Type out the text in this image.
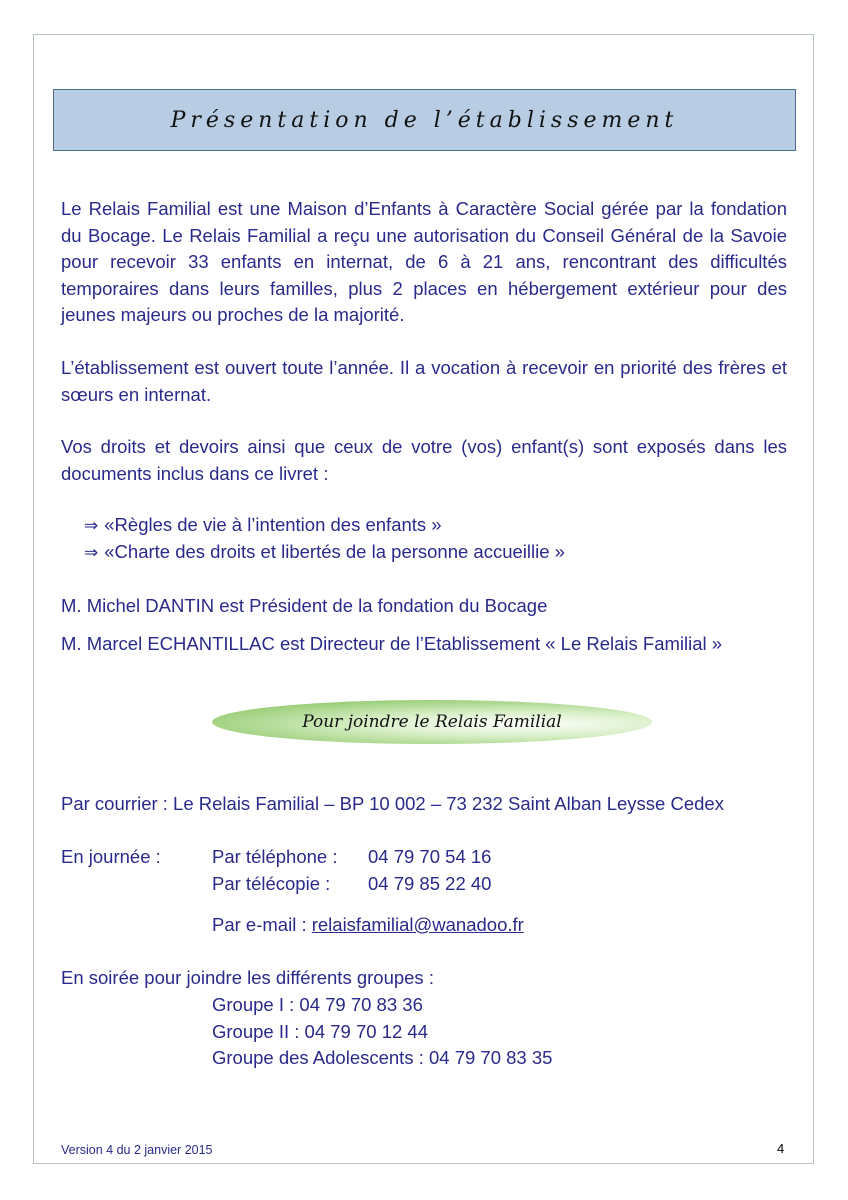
Présentation de l’établissement

Le Relais Familial est une Maison d’Enfants à Caractère Social gérée par la fondation du Bocage. Le Relais Familial a reçu une autorisation du Conseil Général de la Savoie pour recevoir 33 enfants en internat, de 6 à 21 ans, rencontrant des difficultés temporaires dans leurs familles, plus 2 places en hébergement extérieur pour des jeunes majeurs ou proches de la majorité.

L’établissement est ouvert toute l’année. Il a vocation à recevoir en priorité des frères et sœurs en internat.

Vos droits et devoirs ainsi que ceux de votre (vos) enfant(s) sont exposés dans les documents inclus dans ce livret :

⇒ «Règles de vie à l’intention des enfants »
⇒ «Charte des droits et libertés de la personne accueillie »
M. Michel DANTIN est Président de la fondation du Bocage
M. Marcel ECHANTILLAC est Directeur de l’Etablissement « Le Relais Familial »
Pour joindre le Relais Familial
Par courrier : Le Relais Familial – BP 10 002 – 73 232 Saint Alban Leysse Cedex
En journée :	Par téléphone : 04 79 70 54 16
Par télécopie : 04 79 85 22 40
Par e-mail : relaisfamilial@wanadoo.fr
En soirée pour joindre les différents groupes :
Groupe I : 04 79 70 83 36
Groupe II : 04 79 70 12 44
Groupe des Adolescents : 04 79 70 83 35
Version 4 du 2 janvier 2015	4
